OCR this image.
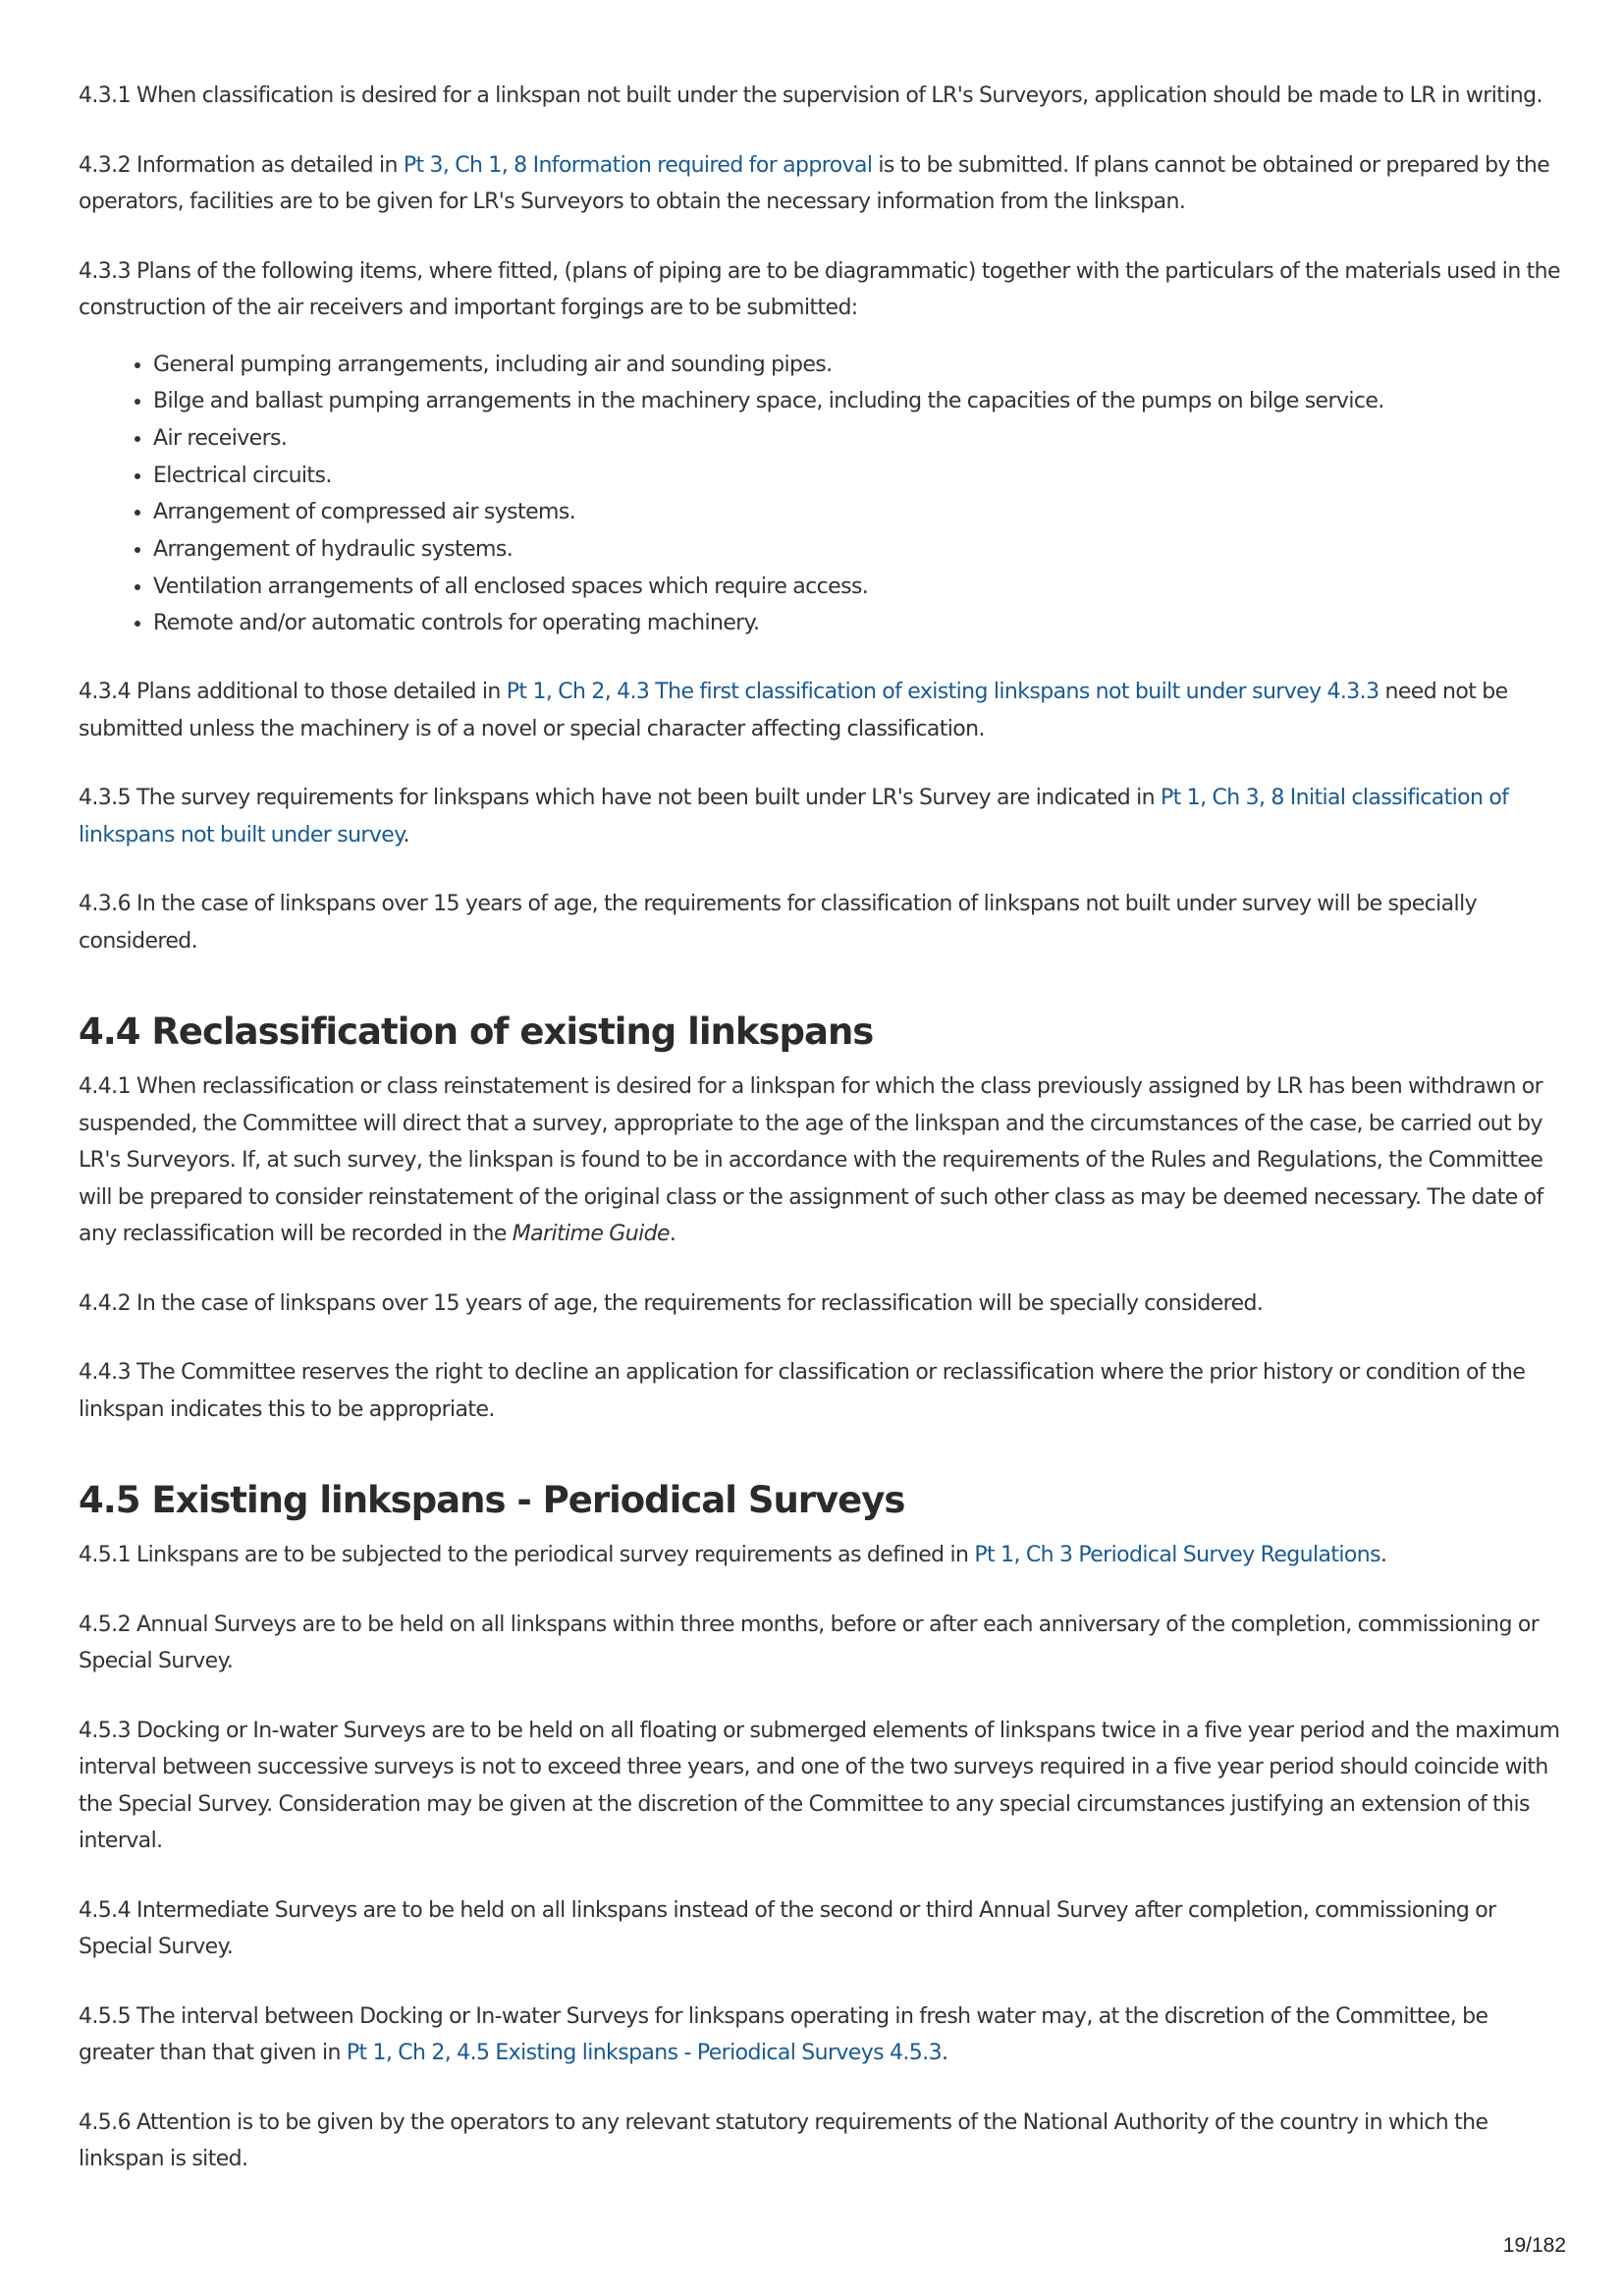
4.3.1 When classification is desired for a linkspan not built under the supervision of LR's Surveyors, application should be made to LR in writing.

4.3.2 Information as detailed in Pt 3, Ch 1, 8 Information required for approval is to be submitted. If plans cannot be obtained or prepared by the operators, facilities are to be given for LR's Surveyors to obtain the necessary information from the linkspan.

4.3.3 Plans of the following items, where fitted, (plans of piping are to be diagrammatic) together with the particulars of the materials used in the construction of the air receivers and important forgings are to be submitted:

• General pumping arrangements, including air and sounding pipes.
• Bilge and ballast pumping arrangements in the machinery space, including the capacities of the pumps on bilge service.
• Air receivers.
• Electrical circuits.
• Arrangement of compressed air systems.
• Arrangement of hydraulic systems.
• Ventilation arrangements of all enclosed spaces which require access.
• Remote and/or automatic controls for operating machinery.

4.3.4 Plans additional to those detailed in Pt 1, Ch 2, 4.3 The first classification of existing linkspans not built under survey 4.3.3 need not be submitted unless the machinery is of a novel or special character affecting classification.

4.3.5 The survey requirements for linkspans which have not been built under LR's Survey are indicated in Pt 1, Ch 3, 8 Initial classification of linkspans not built under survey.

4.3.6 In the case of linkspans over 15 years of age, the requirements for classification of linkspans not built under survey will be specially considered.

4.4 Reclassification of existing linkspans

4.4.1 When reclassification or class reinstatement is desired for a linkspan for which the class previously assigned by LR has been withdrawn or suspended, the Committee will direct that a survey, appropriate to the age of the linkspan and the circumstances of the case, be carried out by LR's Surveyors. If, at such survey, the linkspan is found to be in accordance with the requirements of the Rules and Regulations, the Committee will be prepared to consider reinstatement of the original class or the assignment of such other class as may be deemed necessary. The date of any reclassification will be recorded in the Maritime Guide.

4.4.2 In the case of linkspans over 15 years of age, the requirements for reclassification will be specially considered.

4.4.3 The Committee reserves the right to decline an application for classification or reclassification where the prior history or condition of the linkspan indicates this to be appropriate.

4.5 Existing linkspans - Periodical Surveys

4.5.1 Linkspans are to be subjected to the periodical survey requirements as defined in Pt 1, Ch 3 Periodical Survey Regulations.

4.5.2 Annual Surveys are to be held on all linkspans within three months, before or after each anniversary of the completion, commissioning or Special Survey.

4.5.3 Docking or In-water Surveys are to be held on all floating or submerged elements of linkspans twice in a five year period and the maximum interval between successive surveys is not to exceed three years, and one of the two surveys required in a five year period should coincide with the Special Survey. Consideration may be given at the discretion of the Committee to any special circumstances justifying an extension of this interval.

4.5.4 Intermediate Surveys are to be held on all linkspans instead of the second or third Annual Survey after completion, commissioning or Special Survey.

4.5.5 The interval between Docking or In-water Surveys for linkspans operating in fresh water may, at the discretion of the Committee, be greater than that given in Pt 1, Ch 2, 4.5 Existing linkspans - Periodical Surveys 4.5.3.

4.5.6 Attention is to be given by the operators to any relevant statutory requirements of the National Authority of the country in which the linkspan is sited.

19/182
